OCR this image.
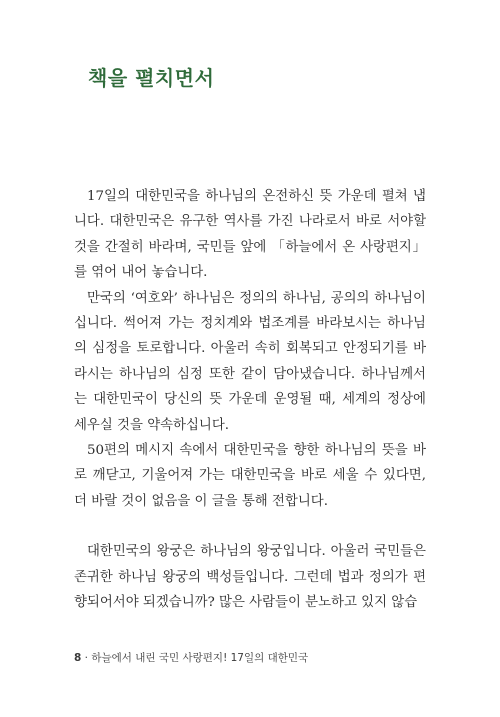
책을 펼치면서

17일의 대한민국을 하나님의 온전하신 뜻 가운데 펼쳐 냅니다. 대한민국은 유구한 역사를 가진 나라로서 바로 서야할 것을 간절히 바라며, 국민들 앞에 「하늘에서 온 사랑편지」를 엮어 내어 놓습니다.

만국의 ‘여호와’ 하나님은 정의의 하나님, 공의의 하나님이십니다. 썩어져 가는 정치계와 법조계를 바라보시는 하나님의 심정을 토로합니다. 아울러 속히 회복되고 안정되기를 바라시는 하나님의 심정 또한 같이 담아냈습니다. 하나님께서는 대한민국이 당신의 뜻 가운데 운영될 때, 세계의 정상에 세우실 것을 약속하십니다.

50편의 메시지 속에서 대한민국을 향한 하나님의 뜻을 바로 깨닫고, 기울어져 가는 대한민국을 바로 세울 수 있다면, 더 바랄 것이 없음을 이 글을 통해 전합니다.

대한민국의 왕궁은 하나님의 왕궁입니다. 아울러 국민들은 존귀한 하나님 왕궁의 백성들입니다. 그런데 법과 정의가 편향되어서야 되겠습니까? 많은 사람들이 분노하고 있지 않습

8 · 하늘에서 내린 국민 사랑편지! 17일의 대한민국
